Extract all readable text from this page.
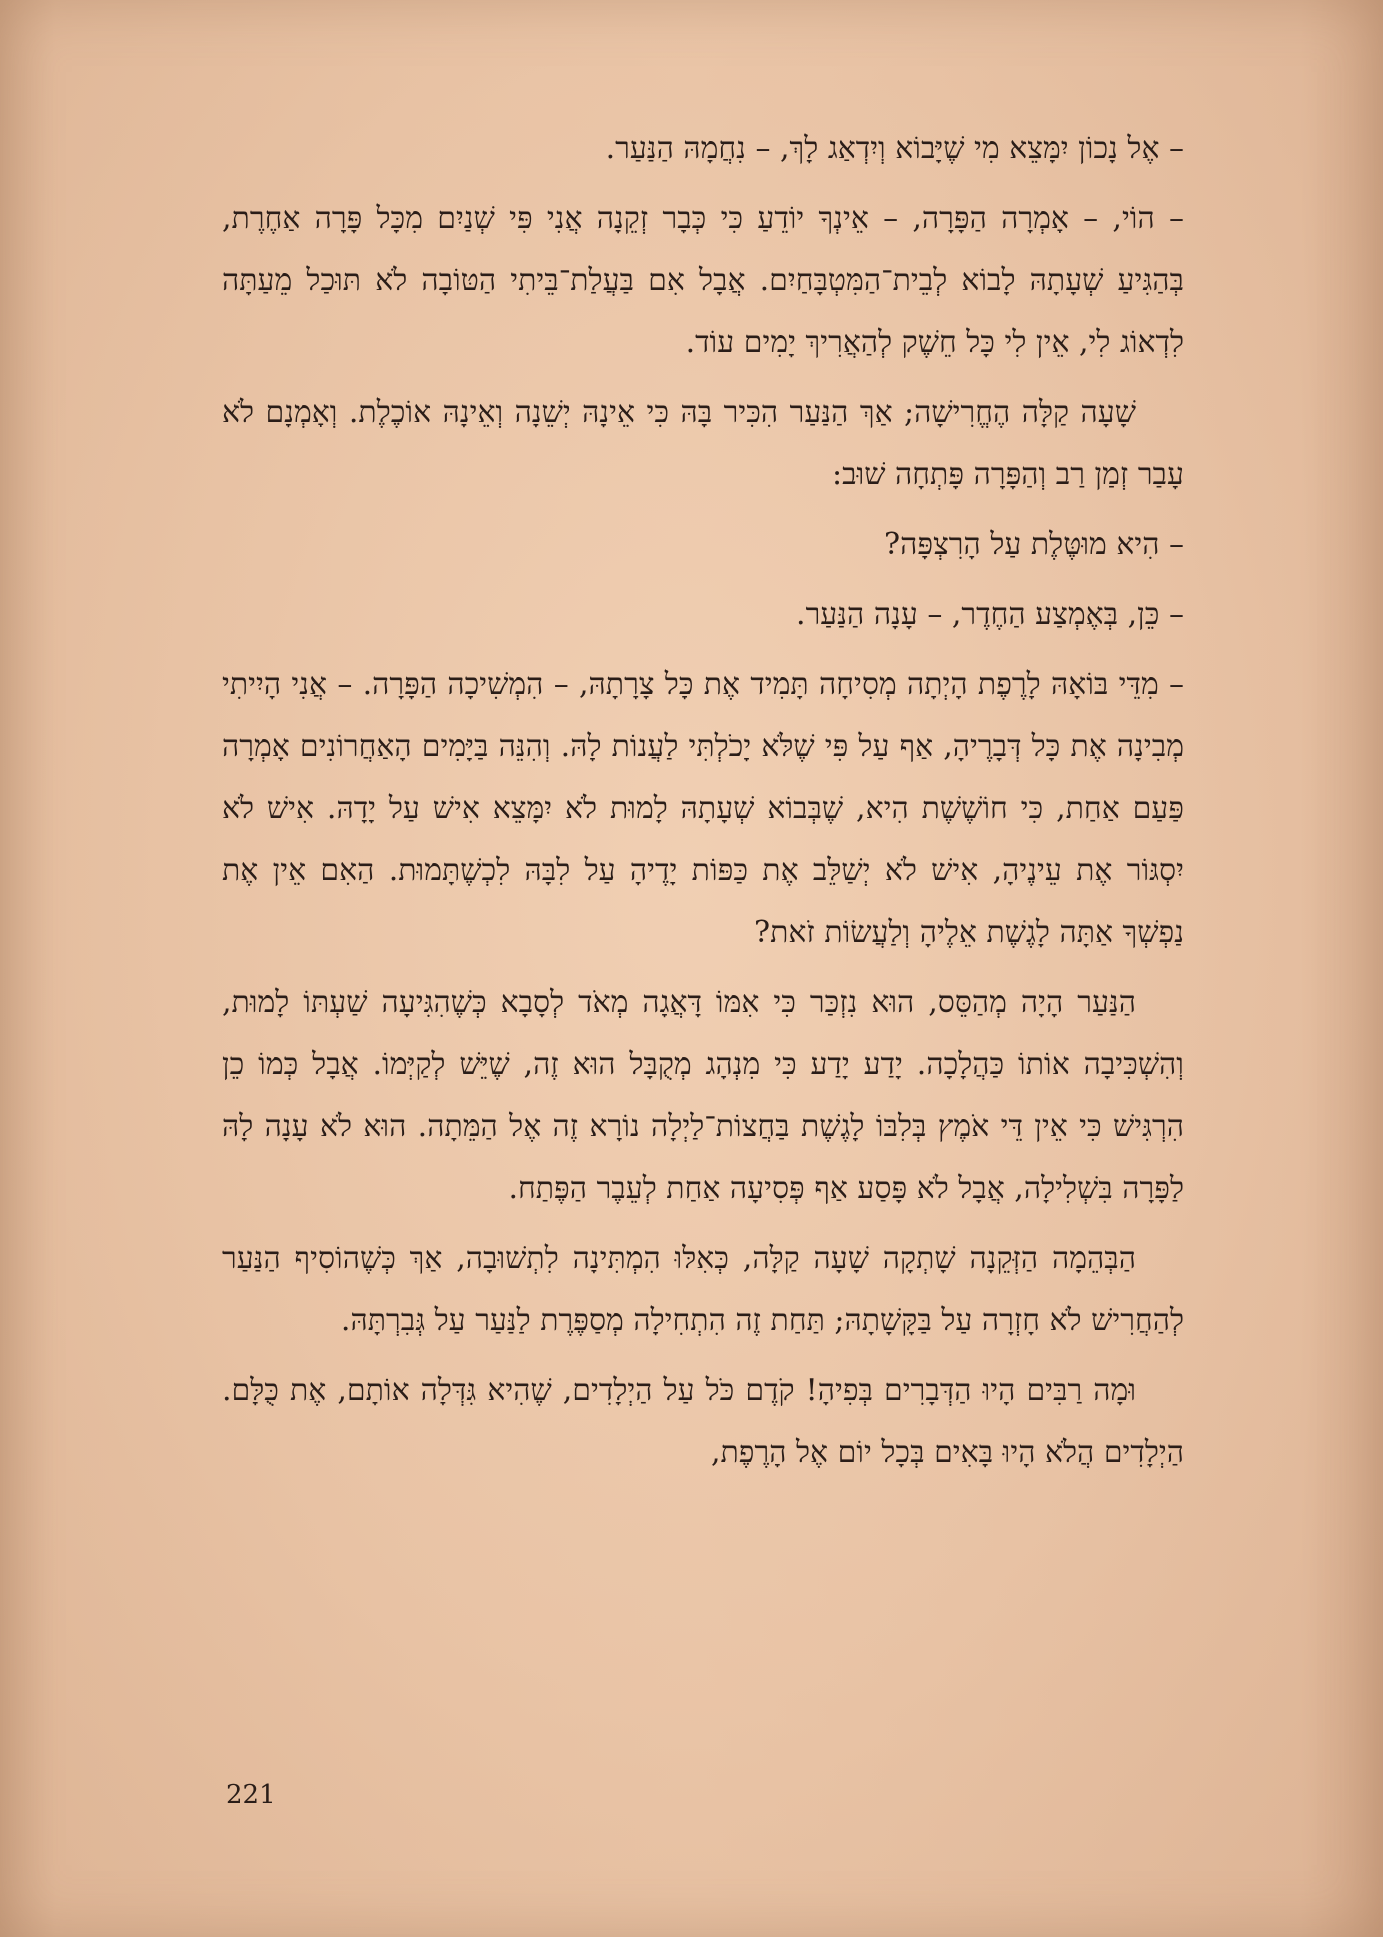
– אֶל נָכוֹן יִמָּצֵא מִי שֶׁיָּבוֹא וְיִדְאַג לָךְ, – נִחֲמָהּ הַנַּעַר.

– הוֹי, – אָמְרָה הַפָּרָה, – אֵינְךָ יוֹדֵעַ כִּי כְּבָר זְקֵנָה אֲנִי פִּי שְׁנַיִם מִכָּל פָּרָה אַחֶרֶת, בְּהַגִּיעַ שְׁעָתָהּ לָבוֹא לְבֵית־הַמִּטְבָּחַיִם. אֲבָל אִם בַּעֲלַת־בֵּיתִי הַטּוֹבָה לֹא תּוּכַל מֵעַתָּה לִדְאוֹג לִי, אֵין לִי כָּל חֵשֶׁק לְהַאֲרִיךְ יָמִים עוֹד.

שָׁעָה קַלָּה הֶחֱרִישָׁה; אַךְ הַנַּעַר הִכִּיר בָּהּ כִּי אֵינָהּ יְשֵׁנָה וְאֵינָהּ אוֹכֶלֶת. וְאָמְנָם לֹא עָבַר זְמַן רַב וְהַפָּרָה פָּתְחָה שׁוּב:

– הִיא מוּטֶּלֶת עַל הָרִצְפָּה?

– כֵּן, בְּאֶמְצַע הַחֶדֶר, – עָנָה הַנַּעַר.

– מִדֵּי בּוֹאָהּ לָרֶפֶת הָיְתָה מְסִיחָה תָּמִיד אֶת כָּל צָרָתָהּ, – הִמְשִׁיכָה הַפָּרָה. – אֲנִי הָיִיתִי מְבִינָה אֶת כָּל דְּבָרֶיהָ, אַף עַל פִּי שֶׁלֹּא יָכֹלְתִּי לַעֲנוֹת לָהּ. וְהִנֵּה בַּיָּמִים הָאַחֲרוֹנִים אָמְרָה פַּעַם אַחַת, כִּי חוֹשֶׁשֶׁת הִיא, שֶׁבְּבוֹא שְׁעָתָהּ לָמוּת לֹא יִמָּצֵא אִישׁ עַל יָדָהּ. אִישׁ לֹא יִסְגּוֹר אֶת עֵינֶיהָ, אִישׁ לֹא יְשַׁלֵּב אֶת כַּפּוֹת יָדֶיהָ עַל לִבָּהּ לִכְשֶׁתָּמוּת. הַאִם אֵין אֶת נַפְשְׁךָ אַתָּה לָגֶשֶׁת אֵלֶיהָ וְלַעֲשׂוֹת זֹאת?

הַנַּעַר הָיָה מְהַסֵּס, הוּא נִזְכַּר כִּי אִמּוֹ דָּאֲגָה מְאֹד לְסָבָא כְּשֶׁהִגִּיעָה שַׁעְתּוֹ לָמוּת, וְהִשְׁכִּיבָה אוֹתוֹ כַּהֲלָכָה. יָדַע יָדַע כִּי מִנְהָג מְקֻבָּל הוּא זֶה, שֶׁיֵּשׁ לְקַיְּמוֹ. אֲבָל כְּמוֹ כֵן הִרְגִּישׁ כִּי אֵין דֵּי אֹמֶץ בְּלִבּוֹ לָגֶשֶׁת בַּחֲצוֹת־לַיְלָה נוֹרָא זֶה אֶל הַמֵּתָה. הוּא לֹא עָנָה לָהּ לַפָּרָה בִּשְׁלִילָה, אֲבָל לֹא פָּסַע אַף פְּסִיעָה אַחַת לְעֵבֶר הַפֶּתַח.

הַבְּהֵמָה הַזְּקֵנָה שָׁתְקָה שָׁעָה קַלָּה, כְּאִלּוּ הִמְתִּינָה לִתְשׁוּבָה, אַךְ כְּשֶׁהוֹסִיף הַנַּעַר לְהַחֲרִישׁ לֹא חָזְרָה עַל בַּקָּשָׁתָהּ; תַּחַת זֶה הִתְחִילָה מְסַפֶּרֶת לַנַּעַר עַל גְּבִרְתָּהּ.

וּמָה רַבִּים הָיוּ הַדְּבָרִים בְּפִיהָ! קֹדֶם כֹּל עַל הַיְלָדִים, שֶׁהִיא גִּדְּלָה אוֹתָם, אֶת כֻּלָּם. הַיְלָדִים הֲלֹא הָיוּ בָּאִים בְּכָל יוֹם אֶל הָרֶפֶת,

221
